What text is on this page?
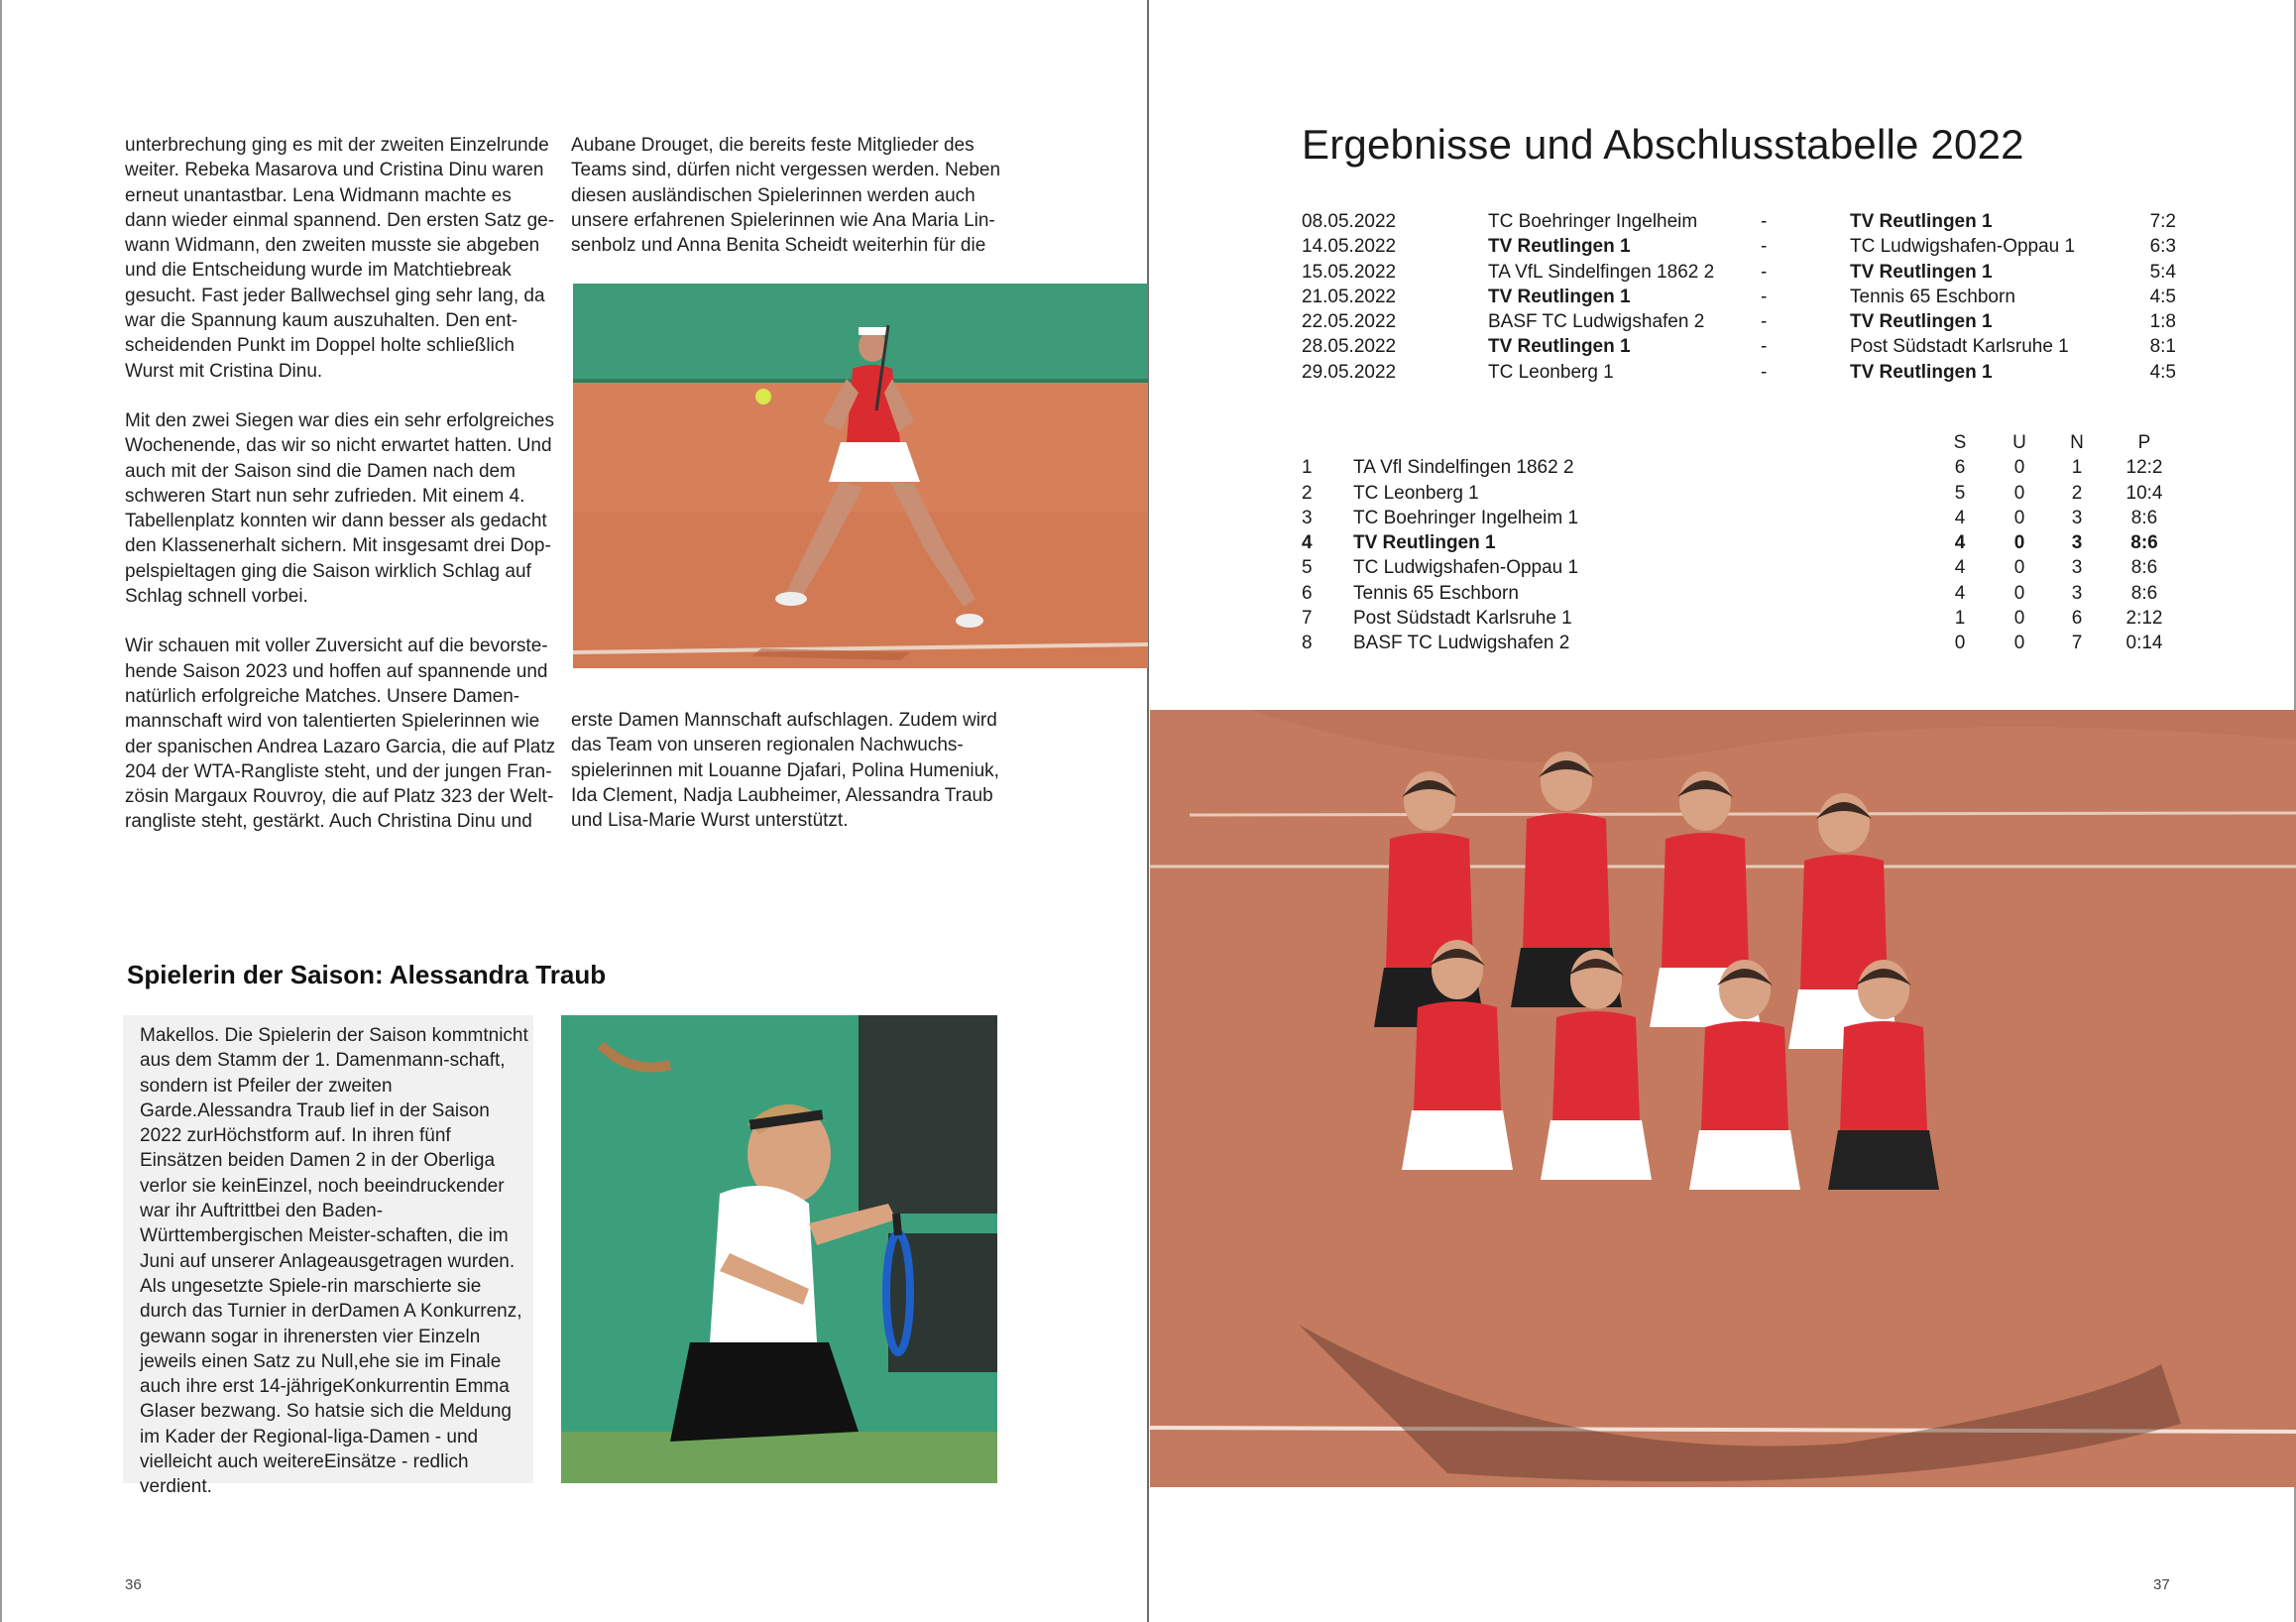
unterbrechung ging es mit der zweiten Einzelrunde
weiter. Rebeka Masarova und Cristina Dinu waren
erneut unantastbar. Lena Widmann machte es
dann wieder einmal spannend. Den ersten Satz ge-
wann Widmann, den zweiten musste sie abgeben
und die Entscheidung wurde im Matchtiebreak
gesucht. Fast jeder Ballwechsel ging sehr lang, da
war die Spannung kaum auszuhalten. Den ent-
scheidenden Punkt im Doppel holte schließlich
Wurst mit Cristina Dinu.

Mit den zwei Siegen war dies ein sehr erfolgreiches
Wochenende, das wir so nicht erwartet hatten. Und
auch mit der Saison sind die Damen nach dem
schweren Start nun sehr zufrieden. Mit einem 4.
Tabellenplatz konnten wir dann besser als gedacht
den Klassenerhalt sichern. Mit insgesamt drei Dop-
pelspieltagen ging die Saison wirklich Schlag auf
Schlag schnell vorbei.

Wir schauen mit voller Zuversicht auf die bevorste-
hende Saison 2023 und hoffen auf spannende und
natürlich erfolgreiche Matches. Unsere Damen-
mannschaft wird von talentierten Spielerinnen wie
der spanischen Andrea Lazaro Garcia, die auf Platz
204 der WTA-Rangliste steht, und der jungen Fran-
zösin Margaux Rouvroy, die auf Platz 323 der Welt-
rangliste steht, gestärkt. Auch Christina Dinu und

Aubane Drouget, die bereits feste Mitglieder des
Teams sind, dürfen nicht vergessen werden. Neben
diesen ausländischen Spielerinnen werden auch
unsere erfahrenen Spielerinnen wie Ana Maria Lin-
senbolz und Anna Benita Scheidt weiterhin für die
erste Damen Mannschaft aufschlagen. Zudem wird
das Team von unseren regionalen Nachwuchs-
spielerinnen mit Louanne Djafari, Polina Humeniuk,
Ida Clement, Nadja Laubheimer, Alessandra Traub
und Lisa-Marie Wurst unterstützt.
Spielerin der Saison: Alessandra Traub
Makellos. Die Spielerin der Saison kommtnicht aus dem Stamm der 1. Damenmann-schaft, sondern ist Pfeiler der zweiten Garde.Alessandra Traub lief in der Saison 2022 zurHöchstform auf. In ihren fünf Einsätzen beiden Damen 2 in der Oberliga verlor sie keinEinzel, noch beeindruckender war ihr Auftrittbei den Baden-Württembergischen Meister-schaften, die im Juni auf unserer Anlageausgetragen wurden. Als ungesetzte Spiele-rin marschierte sie durch das Turnier in derDamen A Konkurrenz, gewann sogar in ihrenersten vier Einzeln jeweils einen Satz zu Null,ehe sie im Finale auch ihre erst 14-jährigeKonkurrentin Emma Glaser bezwang. So hatsie sich die Meldung im Kader der Regional-liga-Damen - und vielleicht auch weitereEinsätze - redlich verdient.
36
Ergebnisse und Abschlusstabelle 2022
08.05.2022	TC Boehringer Ingelheim	-	TV Reutlingen 1	7:2
14.05.2022	TV Reutlingen 1	-	TC Ludwigshafen-Oppau 1	6:3
15.05.2022	TA VfL Sindelfingen 1862 2 -	TV Reutlingen 1	5:4
21.05.2022	TV Reutlingen 1	-	Tennis 65 Eschborn	4:5
22.05.2022	BASF TC Ludwigshafen 2	-	TV Reutlingen 1	1:8
28.05.2022	TV Reutlingen 1	-	Post Südstadt Karlsruhe 1	8:1
29.05.2022	TC Leonberg 1	-	TV Reutlingen 1	4:5
S U N	P
1 TA Vfl Sindelfingen 1862 2	6	0 1	12:2
2 TC Leonberg 1	5	0 2	10:4
3 TC Boehringer Ingelheim 1	4	0 3	8:6
4 TV Reutlingen 1	4	0 3	8:6
5 TC Ludwigshafen-Oppau 1	4	0 3	8:6
6 Tennis 65 Eschborn	4	0 3	8:6
7 Post Südstadt Karlsruhe 1	1	0 6	2:12
8 BASF TC Ludwigshafen 2	0	0 7	0:14
37
